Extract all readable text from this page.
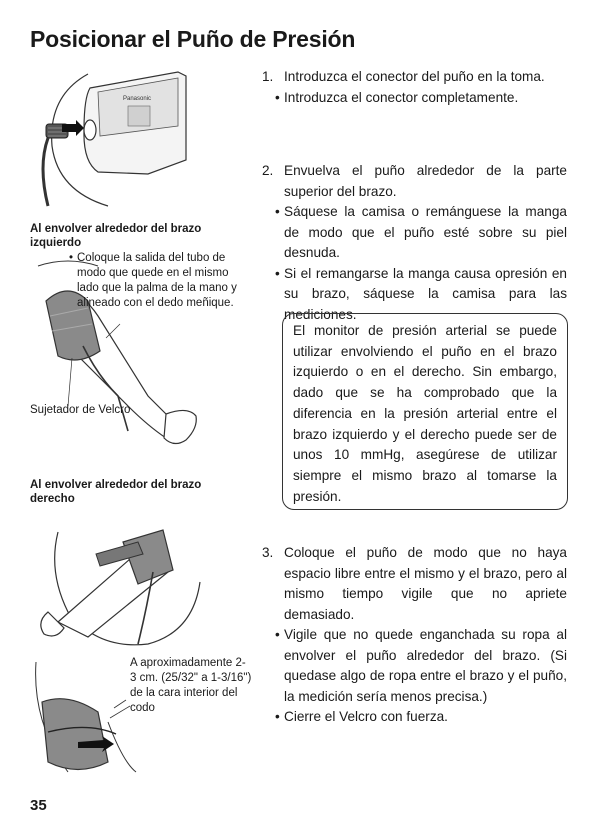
Posicionar el Puño de Presión
Panasonic
Al envolver alrededor del brazo izquierdo
• Coloque la salida del tubo de modo que quede en el mismo lado que la palma de la mano y alineado con el dedo meñique.
Sujetador de Velcro
Al envolver alrededor del brazo derecho
A aproximadamente 2-3 cm. (25/32" a 1-3/16") de la cara interior del codo
35
1. Introduzca el conector del puño en la toma.
• Introduzca el conector completamente.
2. Envuelva el puño alrededor de la parte superior del brazo.
• Sáquese la camisa o remánguese la manga de modo que el puño esté sobre su piel desnuda.
• Si el remangarse la manga causa opresión en su brazo, sáquese la camisa para las mediciones.
El monitor de presión arterial se puede utilizar envolviendo el puño en el brazo izquierdo o en el derecho. Sin embargo, dado que se ha comprobado que la diferencia en la presión arterial entre el brazo izquierdo y el derecho puede ser de unos 10 mmHg, asegúrese de utilizar siempre el mismo brazo al tomarse la presión.
3. Coloque el puño de modo que no haya espacio libre entre el mismo y el brazo, pero al mismo tiempo vigile que no apriete demasiado.
• Vigile que no quede enganchada su ropa al envolver el puño alrededor del brazo. (Si quedase algo de ropa entre el brazo y el puño, la medición sería menos precisa.)
• Cierre el Velcro con fuerza.
